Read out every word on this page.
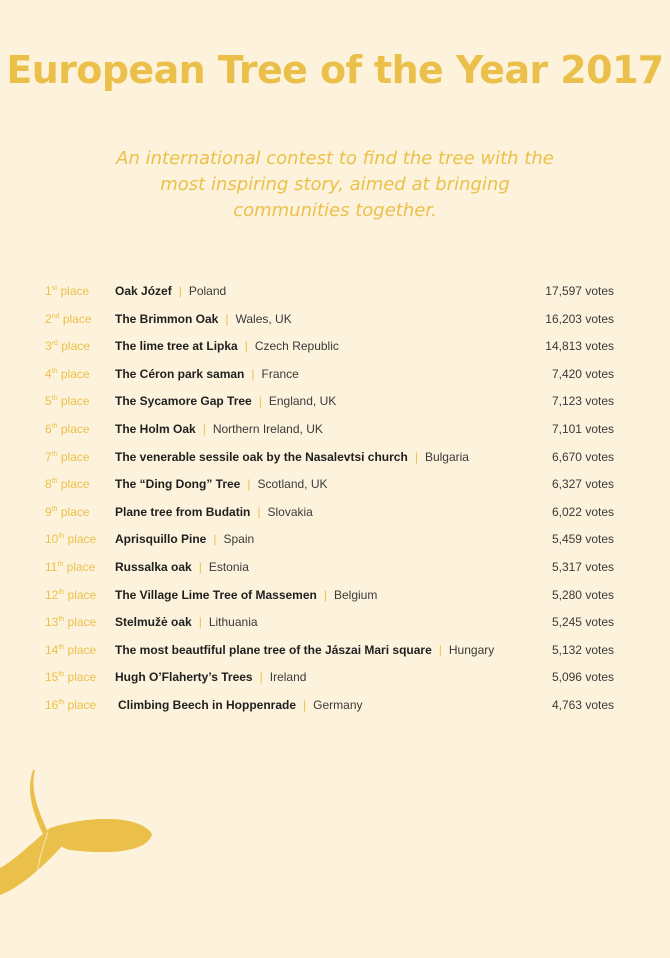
European Tree of the Year 2017

An international contest to find the tree with the most inspiring story, aimed at bringing communities together.

1st place Oak Józef | Poland	17,597 votes
2nd place The Brimmon Oak | Wales, UK	16,203 votes
3rd place The lime tree at Lipka | Czech Republic	14,813 votes
4th place The Céron park saman | France	7,420 votes
5th place The Sycamore Gap Tree | England, UK	7,123 votes
6th place The Holm Oak | Northern Ireland, UK	7,101 votes
7th place The venerable sessile oak by the Nasalevtsi church | Bulgaria	6,670 votes
8th place The “Ding Dong” Tree | Scotland, UK	6,327 votes
9th place Plane tree from Budatin | Slovakia	6,022 votes
10th place Aprisquillo Pine | Spain	5,459 votes
11th place Russalka oak | Estonia	5,317 votes
12th place The Village Lime Tree of Massemen | Belgium	5,280 votes
13th place Stelmužė oak | Lithuania	5,245 votes
14th place The most beautfiful plane tree of the Jászai Mari square | Hungary	5,132 votes
15th place Hugh O’Flaherty’s Trees | Ireland	5,096 votes
16th place Climbing Beech in Hoppenrade | Germany	4,763 votes
